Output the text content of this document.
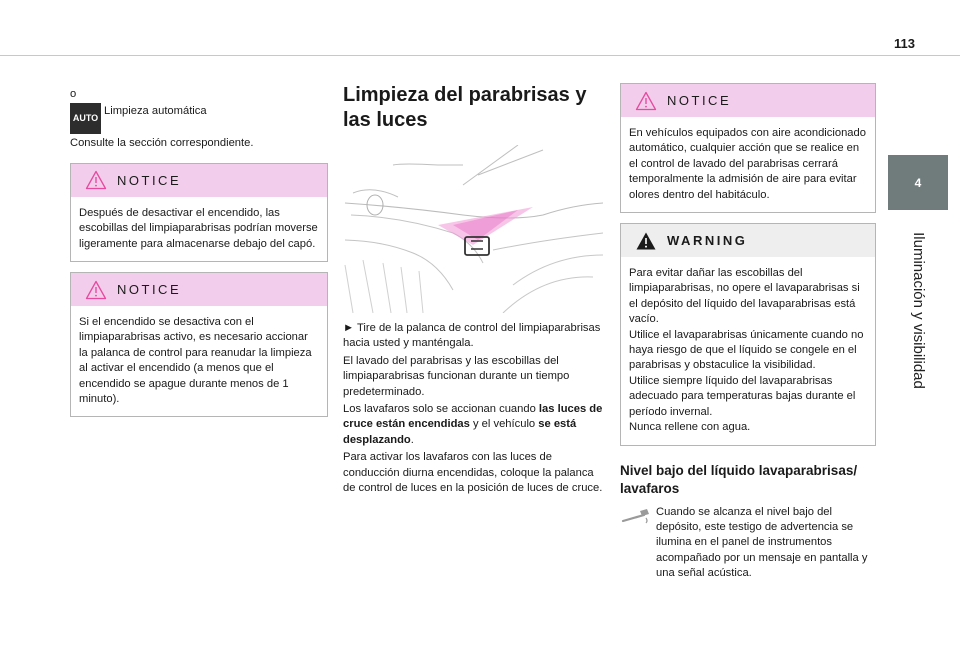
113
4
Iluminación y visibilidad
o
AUTO
Limpieza automática

Consulte la sección correspondiente.

NOTICE

Después de desactivar el encendido, las escobillas del limpiaparabrisas podrían moverse ligeramente para almacenarse debajo del capó.

NOTICE

Si el encendido se desactiva con el limpiaparabrisas activo, es necesario accionar la palanca de control para reanudar la limpieza al activar el encendido (a menos que el encendido se apague durante menos de 1 minuto).

Limpieza del parabrisas y las luces

► Tire de la palanca de control del limpiaparabrisas hacia usted y manténgala.

El lavado del parabrisas y las escobillas del limpiaparabrisas funcionan durante un tiempo predeterminado.

Los lavafaros solo se accionan cuando las luces de cruce están encendidas y el vehículo se está desplazando.

Para activar los lavafaros con las luces de conducción diurna encendidas, coloque la palanca de control de luces en la posición de luces de cruce.

NOTICE

En vehículos equipados con aire acondicionado automático, cualquier acción que se realice en el control de lavado del parabrisas cerrará temporalmente la admisión de aire para evitar olores dentro del habitáculo.

WARNING

Para evitar dañar las escobillas del limpiaparabrisas, no opere el lavaparabrisas si el depósito del líquido del lavaparabrisas está vacío.

Utilice el lavaparabrisas únicamente cuando no haya riesgo de que el líquido se congele en el parabrisas y obstaculice la visibilidad.

Utilice siempre líquido del lavaparabrisas adecuado para temperaturas bajas durante el período invernal.

Nunca rellene con agua.

Nivel bajo del líquido lavaparabrisas/ lavafaros

Cuando se alcanza el nivel bajo del depósito, este testigo de advertencia se ilumina en el panel de instrumentos acompañado por un mensaje en pantalla y una señal acústica.
